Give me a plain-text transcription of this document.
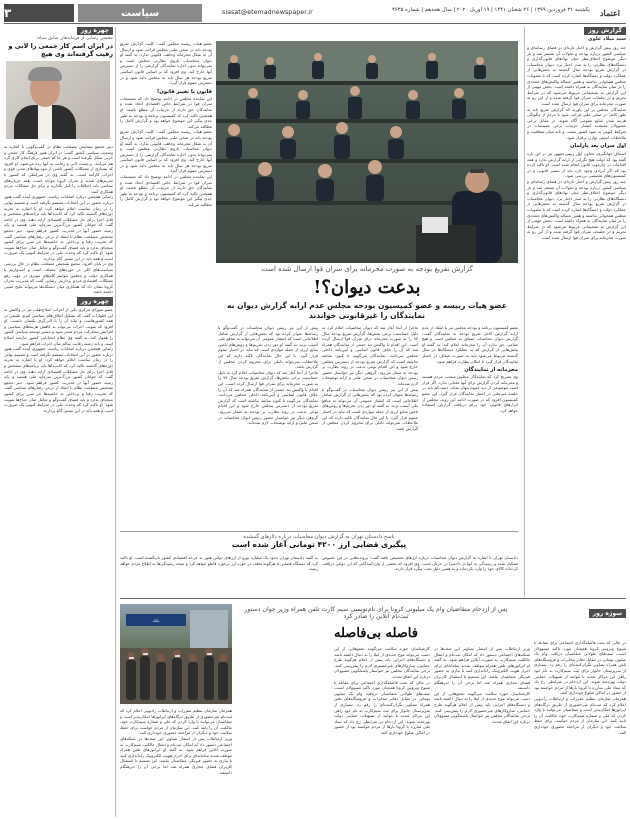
اعتماد
یکشنبه ۳۱ فروردین ۱۳۹۹ | ۲۶ شعبان ۱۴۴۱ | ۱۹ آوریل ۲۰۲۰ | سال هجدهم | شماره ۴۶۴۵
siasat@etemadnewspaper.ir
سیاست
۳
گزارش روز
سید میلاد علوی

چند روز پیش گزارش و اخبار تازه‌ای در فضای رسانه‌ای و سیاسی کشور درباره بودجه و تحولات آن منتشر شد و بار دیگر موضوع اختلاف‌نظر میان نهادهای قانون‌گذاری و دستگاه‌های نظارتی را به صدر اخبار برد. دیوان محاسبات در گزارش تفریغ بودجه سال گذشته به بخش‌هایی از عملکرد دولت و دستگاه‌ها اشاره کرده است که با مصوبات مجلس همخوانی نداشته و همین مساله واکنش‌های متعددی را در میان نمایندگان به همراه داشته است. بخش مهمی از این گزارش به تصمیماتی مربوط می‌شود که در شرایط تحریم و در جلسات سران قوا گرفته شده و از این رو به صورت محرمانه برای سران قوا ارسال شده است.

نمایندگان مجلس بر این باورند که گزارش تفریغ باید به طور کامل در صحن علنی قرائت شود تا مردم از چگونگی هزینه شدن منابع عمومی آگاه شوند. در مقابل برخی مسوولان معتقدند انتشار جزییات برخی تصمیمات در شرایط کنونی به سود کشور نیست و باید میان شفافیت و ملاحظات امنیتی توازن برقرار شود.

اول سران بعد پارلمان

اسحاق جهانگیری، معاون اول رییس‌جمهور نیز در این باره گفته بود که دولت هیچ نگرانی از ارایه گزارش ندارد و همه اقدامات در چارچوب قانون انجام شده است. او تاکید کرده بود که اگر ایرادی وجود دارد باید از مسیر قانونی و در کمیسیون‌های تخصصی بررسی شود.

چند روز پیش گزارش و اخبار تازه‌ای در فضای رسانه‌ای و سیاسی کشور درباره بودجه و تحولات آن منتشر شد و بار دیگر موضوع اختلاف‌نظر میان نهادهای قانون‌گذاری و دستگاه‌های نظارتی را به صدر اخبار برد. دیوان محاسبات در گزارش تفریغ بودجه سال گذشته به بخش‌هایی از عملکرد دولت و دستگاه‌ها اشاره کرده است که با مصوبات مجلس همخوانی نداشته و همین مساله واکنش‌های متعددی را در میان نمایندگان به همراه داشته است. بخش مهمی از این گزارش به تصمیماتی مربوط می‌شود که در شرایط تحریم و در جلسات سران قوا گرفته شده و از این رو به صورت محرمانه برای سران قوا ارسال شده است.

گزارش تفریغ بودجه به صورت محرمانه برای سران قوا ارسال شده است
بدعت دیوان؟!
عضو هیات رییسه و عضو کمیسیون بودجه مجلس عدم ارایه گزارش دیوان به نمایندگان را غیرقانونی خواندند

عضو هیات رییسه مجلس گفت: کلیت گزارش تفریغ بودجه باید در صحن علنی مجلس قرائت شود و ارسال آن به شکل محرمانه وجاهت قانونی ندارد. به گفته او دیوان محاسبات بازوی نظارتی مجلس است و نمی‌تواند بدون اجازه نمایندگان گزارشی را از دسترس آنها خارج کند. وی افزود که بر اساس قانون اساسی تفریغ بودجه هر سال باید به مجلس داده شود و در دسترس عموم قرار گیرد.

قانون با تغییر قانون!

این نماینده مجلس در ادامه توضیح داد که تصمیمات سران قوا در شرایط خاص اقتصادی اتخاذ شده و نمایندگان حق دارند از جزییات آن مطلع باشند. او همچنین تاکید کرد که کمیسیون برنامه و بودجه به طور جدی پیگیر این موضوع خواهد بود و گزارش کامل را مطالبه می‌کند.

عضو هیات رییسه مجلس گفت: کلیت گزارش تفریغ بودجه باید در صحن علنی مجلس قرائت شود و ارسال آن به شکل محرمانه وجاهت قانونی ندارد. به گفته او دیوان محاسبات بازوی نظارتی مجلس است و نمی‌تواند بدون اجازه نمایندگان گزارشی را از دسترس آنها خارج کند. وی افزود که بر اساس قانون اساسی تفریغ بودجه هر سال باید به مجلس داده شود و در دسترس عموم قرار گیرد.

این نماینده مجلس در ادامه توضیح داد که تصمیمات سران قوا در شرایط خاص اقتصادی اتخاذ شده و نمایندگان حق دارند از جزییات آن مطلع باشند. او همچنین تاکید کرد که کمیسیون برنامه و بودجه به طور جدی پیگیر این موضوع خواهد بود و گزارش کامل را مطالبه می‌کند.

عضو کمیسیون برنامه و بودجه مجلس نیز با انتقاد از عدم ارایه گزارش کامل تفریغ بودجه به نمایندگان گفت: گزارش دیوان محاسبات متعلق به مجلس است و هیچ مقامی حق ندارد آن را محرمانه اعلام کند. به گفته او بخش‌هایی از گزارش که به عملکرد دستگاه‌ها در سال گذشته مربوط می‌شود باید به صورت شفاف در اختیار نمایندگان قرار گیرد تا امکان نظارت فراهم شود.

محرمانه از نمایندگان

وی تصریح کرد که نمایندگان مجلس منتخب مردم هستند و محرمانه کردن گزارش برای آنها معنایی ندارد. اگر قرار است موضوعی از دید عموم پنهان بماند، دست‌کم باید در جلسه غیرعلنی در اختیار نمایندگان قرار گیرد. این عضو کمیسیون افزود که در صورت ادامه این روند، مجلس از ابزارهای قانونی خود برای دریافت گزارش استفاده خواهد کرد.

ماجرا از آنجا آغاز شد که دیوان محاسبات اعلام کرد به دلیل حساسیت برخی بخش‌ها، گزارش تفریغ بودجه سال ۹۷ را به صورت محرمانه برای سران قوا ارسال کرده است. این اقدام با واکنش تند جمعی از نمایندگان همراه شد که آن را خلاف قانون اساسی و آیین‌نامه داخلی مجلس می‌دانند. نمایندگان می‌گویند تا کنون سابقه نداشته است که گزارش تفریغ بودجه از دسترس مجلس خارج شود و این اقدام نوعی بدعت در روند نظارت بر بودجه به شمار می‌رود. گروهی دیگر نیز خواستار حضور رییس دیوان محاسبات در صحن علنی و ارایه توضیحات لازم شده‌اند.

پیش از این نیز رییس دیوان محاسبات در گفت‌وگو با رسانه‌ها عنوان کرده بود که بخش‌هایی از گزارش شامل اطلاعاتی است که انتشار عمومی آن می‌تواند به منافع ملی آسیب بزند. به گفته او دور زدن تحریم‌ها و روش‌های تامین منابع ارزی از جمله مواردی است که نباید در اختیار عموم قرار گیرد. با این حال نمایندگان تاکید دارند که این ملاحظات نمی‌تواند دلیلی برای محروم کردن مجلس از گزارش باشد.

پیش از این نیز رییس دیوان محاسبات در گفت‌وگو با رسانه‌ها عنوان کرده بود که بخش‌هایی از گزارش شامل اطلاعاتی است که انتشار عمومی آن می‌تواند به منافع ملی آسیب بزند. به گفته او دور زدن تحریم‌ها و روش‌های تامین منابع ارزی از جمله مواردی است که نباید در اختیار عموم قرار گیرد. با این حال نمایندگان تاکید دارند که این ملاحظات نمی‌تواند دلیلی برای محروم کردن مجلس از گزارش باشد.

ماجرا از آنجا آغاز شد که دیوان محاسبات اعلام کرد به دلیل حساسیت برخی بخش‌ها، گزارش تفریغ بودجه سال ۹۷ را به صورت محرمانه برای سران قوا ارسال کرده است. این اقدام با واکنش تند جمعی از نمایندگان همراه شد که آن را خلاف قانون اساسی و آیین‌نامه داخلی مجلس می‌دانند. نمایندگان می‌گویند تا کنون سابقه نداشته است که گزارش تفریغ بودجه از دسترس مجلس خارج شود و این اقدام نوعی بدعت در روند نظارت بر بودجه به شمار می‌رود. گروهی دیگر نیز خواستار حضور رییس دیوان محاسبات در صحن علنی و ارایه توضیحات لازم شده‌اند.

پاسخ دادستان تهران به گزارش دیوان محاسبات درباره دلارهای گمشده
پیگیری قضایی ارز ۴۲۰۰ تومانی آغاز شده است

دادستان تهران با اشاره به گزارش دیوان محاسبات درباره ارزهای تخصیص یافته گفت: پرونده‌هایی در این خصوص تشکیل شده و رسیدگی به آنها در دادسرا در جریان است. وی افزود که بخشی از واردکنندگانی که ارز دولتی دریافت کرده‌اند کالای خود را وارد نکرده‌اند و به همین دلیل تحت پیگرد قرار دارند.

به گفته دادستان تهران حدود یک میلیارد یورو از ارزهای دولتی هنوز به چرخه اقتصادی کشور بازنگشته است. او تاکید کرد که دستگاه قضایی با هرگونه تخلف در حوزه ارز برخورد قاطع خواهد کرد و نتیجه رسیدگی‌ها به اطلاع مردم خواهد رسید.

چهره روز
محسن رضایی از فرماندهان سابق سپاه:
در ایران اسم کار جمعی را لابی و رقیب گرفته‌اند وی هیچ

دبیر مجمع تشخیص مصلحت نظام در گفت‌وگویی با اشاره به وضعیت سیاسی کشور گفت: در ایران هنوز فرهنگ کار جمعی و حزبی شکل نگرفته است و هر جا که جمعی برای انجام کاری گرد هم می‌آیند، برچسب لابی و رقابت به آنها زده می‌شود. او افزود که بسیاری از مشکلات کشور ناشی از نبود نهادهای مدنی قوی و احزاب کارآمد است. به گفته وی در شرایطی که کشور با تحریم‌های شدید و بحران کرونا مواجه است، همه جریان‌های سیاسی باید اختلافات را کنار بگذارند و برای حل مشکلات مردم همکاری کنند.

رضایی همچنین درباره انتخابات ریاست جمهوری آینده گفت هنوز درباره حضور در این انتخابات تصمیم نگرفته است و تصمیم نهایی را در زمان مناسب اعلام خواهد کرد. او با اشاره به تجربه دوره‌های گذشته تاکید کرد که کاندیداها باید برنامه‌های مشخص و قابل اجرا برای حل مشکلات اقتصادی ارایه دهند. وی در ادامه گفت که جوانان کشور بزرگ‌ترین سرمایه ملی هستند و باید زمینه حضور آنها در مدیریت کشور فراهم شود. دبیر مجمع تشخیص مصلحت نظام با انتقاد از برخی رفتارهای سیاسی گفت که تخریب رقبا و پرداختن به حاشیه‌ها جز ضرر برای کشور نتیجه‌ای ندارد و باید فضای گفت‌وگو و تعامل میان جناح‌ها تقویت شود. او تاکید کرد که وحدت ملی در شرایط کنونی یک ضرورت است و همه باید در این مسیر گام بردارند.

وی در پایان افزود: مجمع تشخیص مصلحت نظام در حال بررسی سیاست‌های کلی در حوزه‌های مختلف است و امیدواریم با همکاری دولت و مجلس بتوانیم گام‌های موثری در جهت رفع مشکلات اقتصادی مردم برداریم. رضایی گفت که مدیریت بحران کرونا نشان داد که همکاری میان دستگاه‌ها می‌تواند نتایج مثبتی داشته باشد.

چهره روز

عضو شورای مرکزی یکی از احزاب اصلاح‌طلب نیز در واکنش به این اظهارات گفت که تشکیل ائتلاف‌های سیاسی امری طبیعی در همه کشورهاست و نباید آن را با لابی‌گری یکسان دانست. او افزود که تقویت احزاب می‌تواند به کاهش هزینه‌های سیاسی و افزایش مشارکت مردم منجر شود و مسیر توسعه سیاسی کشور را هموار کند. به گفته وی نظام انتخاباتی کشور نیازمند اصلاح است و باید زمینه رقابت سالم میان احزاب فراهم شود.

رضایی همچنین درباره انتخابات ریاست جمهوری آینده گفت هنوز درباره حضور در این انتخابات تصمیم نگرفته است و تصمیم نهایی را در زمان مناسب اعلام خواهد کرد. او با اشاره به تجربه دوره‌های گذشته تاکید کرد که کاندیداها باید برنامه‌های مشخص و قابل اجرا برای حل مشکلات اقتصادی ارایه دهند. وی در ادامه گفت که جوانان کشور بزرگ‌ترین سرمایه ملی هستند و باید زمینه حضور آنها در مدیریت کشور فراهم شود. دبیر مجمع تشخیص مصلحت نظام با انتقاد از برخی رفتارهای سیاسی گفت که تخریب رقبا و پرداختن به حاشیه‌ها جز ضرر برای کشور نتیجه‌ای ندارد و باید فضای گفت‌وگو و تعامل میان جناح‌ها تقویت شود. او تاکید کرد که وحدت ملی در شرایط کنونی یک ضرورت است و همه باید در این مسیر گام بردارند.

سوژه روز
پس از ازدحام متقاضیان وام یک میلیونی کرونا برای نام‌نویسی سیم کارت تلفن همراه وزیر جوان دستور ثبت‌نام آنلاین را صادر کرد
فاصله بی‌فاصله
بانک

در حالی که بحث فاصله‌گذاری اجتماعی برای مقابله با شیوع ویروس کرونا همچنان مورد تاکید مسوولان است، صف‌های طولانی متقاضیان دریافت وام یک میلیون تومانی در مقابل دفاتر مخابرات و فروشگاه‌های تلفن همراه تصاویر نگران‌کننده‌ای را رقم زد. بسیاری از سرپرستان خانوار برای ثبت سیم‌کارت به نام خود راهی این مراکز شدند تا بتوانند از تسهیلات حمایتی دولت بهره‌مند شوند. این ازدحام در شرایطی رخ داد که ستاد ملی مبارزه با کرونا بارها از مردم خواسته بود از حضور در اماکن شلوغ خودداری کنند.

همزمان سازمان تنظیم مقررات و ارتباطات رادیویی اعلام کرد که ثبت‌نام غیرحضوری از طریق درگاه‌های اپراتورها امکان‌پذیر است و متقاضیان می‌توانند با وارد کردن کد ملی و شماره سیم‌کارت خود، مالکیت آن را تایید کنند. این سازمان از مردم خواست برای حفظ سلامت خود و دیگران از مراجعه حضوری خودداری کنند.

وزیر ارتباطات پس از انتشار تصاویر این صف‌ها در شبکه‌های اجتماعی دستور داد که امکان ثبت‌نام و انتقال مالکیت سیم‌کارت به صورت آنلاین فراهم شود. به گفته او اپراتورهای تلفن همراه موظف شدند سامانه‌ای برای احراز هویت الکترونیک راه‌اندازی کنند تا نیازی به حضور فیزیکی متقاضیان نباشد. این تصمیم با استقبال کاربران فضای مجازی همراه شد اما برخی آن را دیرهنگام دانستند.

کارشناسان حوزه سلامت می‌گویند تجمع‌هایی از این دست می‌تواند موج جدیدی از ابتلا را به دنبال داشته باشد و دستگاه‌های اجرایی باید پیش از اعلام هرگونه طرح حمایتی، سازوکارهای غیرحضوری لازم را پیش‌بینی کنند. برخی نمایندگان مجلس نیز خواستار پاسخگویی مسوولان درباره این اتفاق شدند.

کارشناسان حوزه سلامت می‌گویند تجمع‌هایی از این دست می‌تواند موج جدیدی از ابتلا را به دنبال داشته باشد و دستگاه‌های اجرایی باید پیش از اعلام هرگونه طرح حمایتی، سازوکارهای غیرحضوری لازم را پیش‌بینی کنند. برخی نمایندگان مجلس نیز خواستار پاسخگویی مسوولان درباره این اتفاق شدند.

در حالی که بحث فاصله‌گذاری اجتماعی برای مقابله با شیوع ویروس کرونا همچنان مورد تاکید مسوولان است، صف‌های طولانی متقاضیان دریافت وام یک میلیون تومانی در مقابل دفاتر مخابرات و فروشگاه‌های تلفن همراه تصاویر نگران‌کننده‌ای را رقم زد. بسیاری از سرپرستان خانوار برای ثبت سیم‌کارت به نام خود راهی این مراکز شدند تا بتوانند از تسهیلات حمایتی دولت بهره‌مند شوند. این ازدحام در شرایطی رخ داد که ستاد ملی مبارزه با کرونا بارها از مردم خواسته بود از حضور در اماکن شلوغ خودداری کنند.

همزمان سازمان تنظیم مقررات و ارتباطات رادیویی اعلام کرد که ثبت‌نام غیرحضوری از طریق درگاه‌های اپراتورها امکان‌پذیر است و متقاضیان می‌توانند با وارد کردن کد ملی و شماره سیم‌کارت خود، مالکیت آن را تایید کنند. این سازمان از مردم خواست برای حفظ سلامت خود و دیگران از مراجعه حضوری خودداری کنند.

وزیر ارتباطات پس از انتشار تصاویر این صف‌ها در شبکه‌های اجتماعی دستور داد که امکان ثبت‌نام و انتقال مالکیت سیم‌کارت به صورت آنلاین فراهم شود. به گفته او اپراتورهای تلفن همراه موظف شدند سامانه‌ای برای احراز هویت الکترونیک راه‌اندازی کنند تا نیازی به حضور فیزیکی متقاضیان نباشد. این تصمیم با استقبال کاربران فضای مجازی همراه شد اما برخی آن را دیرهنگام دانستند.
